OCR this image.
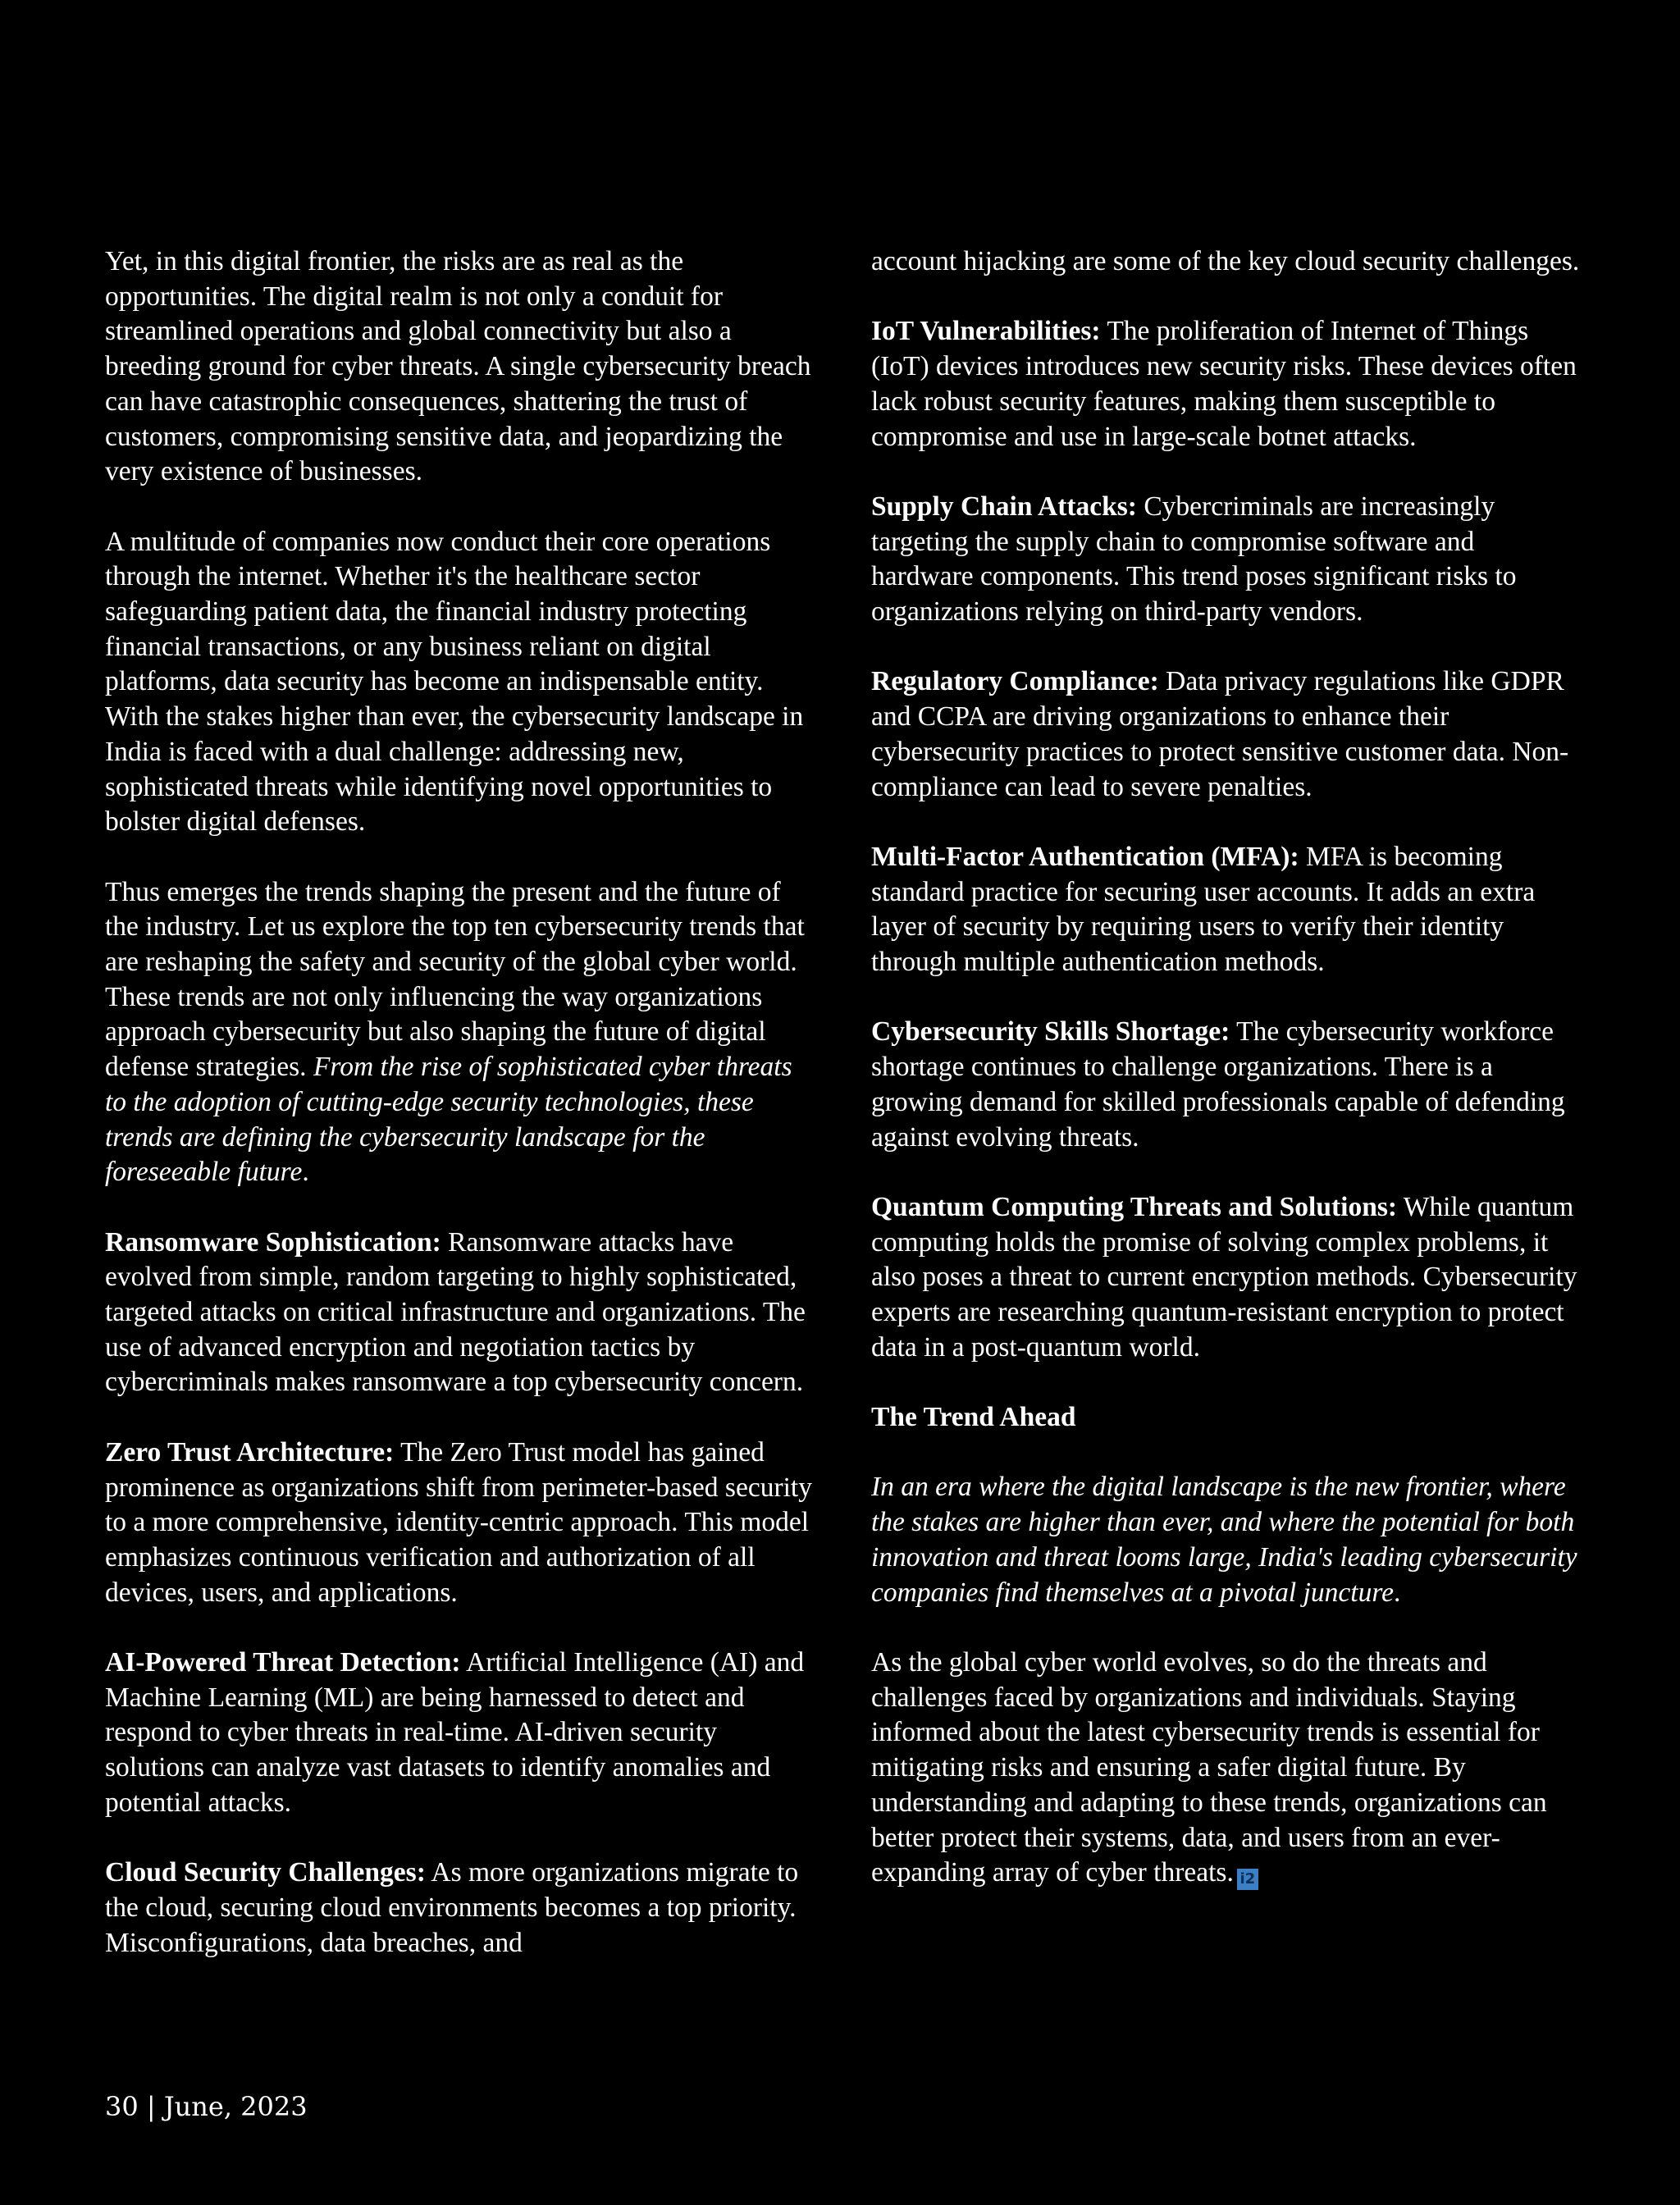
Yet, in this digital frontier, the risks are as real as the opportunities. The digital realm is not only a conduit for streamlined operations and global connectivity but also a breeding ground for cyber threats. A single cybersecurity breach can have catastrophic consequences, shattering the trust of customers, compromising sensitive data, and jeopardizing the very existence of businesses.

A multitude of companies now conduct their core operations through the internet. Whether it's the healthcare sector safeguarding patient data, the financial industry protecting financial transactions, or any business reliant on digital platforms, data security has become an indispensable entity. With the stakes higher than ever, the cybersecurity landscape in India is faced with a dual challenge: addressing new, sophisticated threats while identifying novel opportunities to bolster digital defenses.

Thus emerges the trends shaping the present and the future of the industry. Let us explore the top ten cybersecurity trends that are reshaping the safety and security of the global cyber world. These trends are not only influencing the way organizations approach cybersecurity but also shaping the future of digital defense strategies. From the rise of sophisticated cyber threats to the adoption of cutting-edge security technologies, these trends are defining the cybersecurity landscape for the foreseeable future.

Ransomware Sophistication: Ransomware attacks have evolved from simple, random targeting to highly sophisticated, targeted attacks on critical infrastructure and organizations. The use of advanced encryption and negotiation tactics by cybercriminals makes ransomware a top cybersecurity concern.

Zero Trust Architecture: The Zero Trust model has gained prominence as organizations shift from perimeter-based security to a more comprehensive, identity-centric approach. This model emphasizes continuous verification and authorization of all devices, users, and applications.

AI-Powered Threat Detection: Artificial Intelligence (AI) and Machine Learning (ML) are being harnessed to detect and respond to cyber threats in real-time. AI-driven security solutions can analyze vast datasets to identify anomalies and potential attacks.

Cloud Security Challenges: As more organizations migrate to the cloud, securing cloud environments becomes a top priority. Misconfigurations, data breaches, and

account hijacking are some of the key cloud security challenges.

IoT Vulnerabilities: The proliferation of Internet of Things (IoT) devices introduces new security risks. These devices often lack robust security features, making them susceptible to compromise and use in large-scale botnet attacks.

Supply Chain Attacks: Cybercriminals are increasingly targeting the supply chain to compromise software and hardware components. This trend poses significant risks to organizations relying on third-party vendors.

Regulatory Compliance: Data privacy regulations like GDPR and CCPA are driving organizations to enhance their cybersecurity practices to protect sensitive customer data. Non-compliance can lead to severe penalties.

Multi-Factor Authentication (MFA): MFA is becoming standard practice for securing user accounts. It adds an extra layer of security by requiring users to verify their identity through multiple authentication methods.

Cybersecurity Skills Shortage: The cybersecurity workforce shortage continues to challenge organizations. There is a growing demand for skilled professionals capable of defending against evolving threats.

Quantum Computing Threats and Solutions: While quantum computing holds the promise of solving complex problems, it also poses a threat to current encryption methods. Cybersecurity experts are researching quantum-resistant encryption to protect data in a post-quantum world.

The Trend Ahead

In an era where the digital landscape is the new frontier, where the stakes are higher than ever, and where the potential for both innovation and threat looms large, India's leading cybersecurity companies find themselves at a pivotal juncture.

As the global cyber world evolves, so do the threats and challenges faced by organizations and individuals. Staying informed about the latest cybersecurity trends is essential for mitigating risks and ensuring a safer digital future. By understanding and adapting to these trends, organizations can better protect their systems, data, and users from an ever-expanding array of cyber threats. i2

30 | June, 2023
